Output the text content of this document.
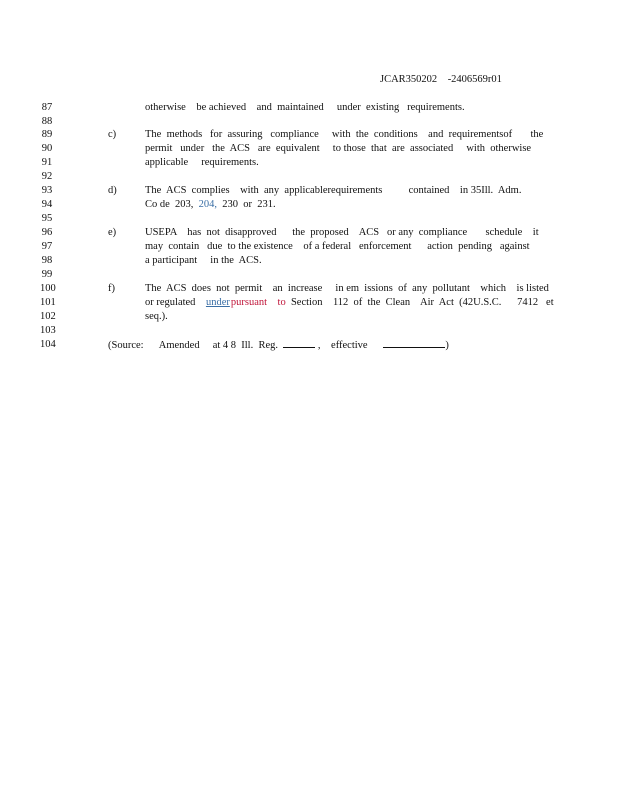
JCAR350202 -2406569r01
87	otherwise    be achieved    and  maintained     under  existing   requirements.
88
89	c)	The  methods   for  assuring   compliance     with  the  conditions    and  requirementsof       the
90	permit   under   the  ACS   are  equivalent     to those  that  are  associated     with  otherwise
91	applicable     requirements.
92
93	d)	The  ACS  complies    with  any  applicablerequirements          contained    in 35Ill.  Adm.
94	Co de  203, 204, 230  or  231.
95
96	e)	USEPA    has  not  disapproved      the  proposed    ACS   or any  compliance       schedule    it
97	may  contain   due  to the existence    of a federal   enforcement      action  pending   against
98	a participant     in the  ACS.
99
100	f)	The  ACS  does  not  permit    an  increase     in em  issions  of  any  pollutant    which    is listed
101	or regulated underpursuant to Section    112  of  the  Clean    Air  Act  (42U.S.C.      7412   et
102	seq.).
103
104	(Source: Amended     at 4 8  Ill.  Reg.	,    effective	)
